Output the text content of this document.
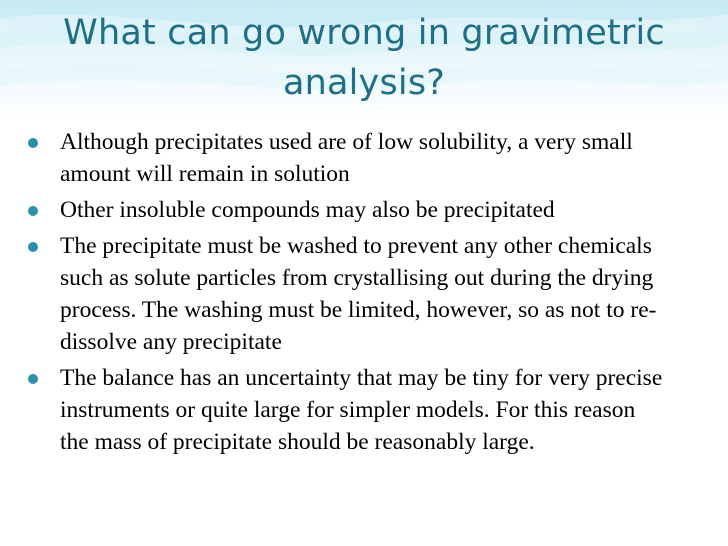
What can go wrong in gravimetric analysis?
Although precipitates used are of low solubility, a very small amount will remain in solution
Other insoluble compounds may also be precipitated
The precipitate must be washed to prevent any other chemicals such as solute particles from crystallising out during the drying process. The washing must be limited, however, so as not to re-dissolve any precipitate
The balance has an uncertainty that may be tiny for very precise instruments or quite large for simpler models. For this reason the mass of precipitate should be reasonably large.
